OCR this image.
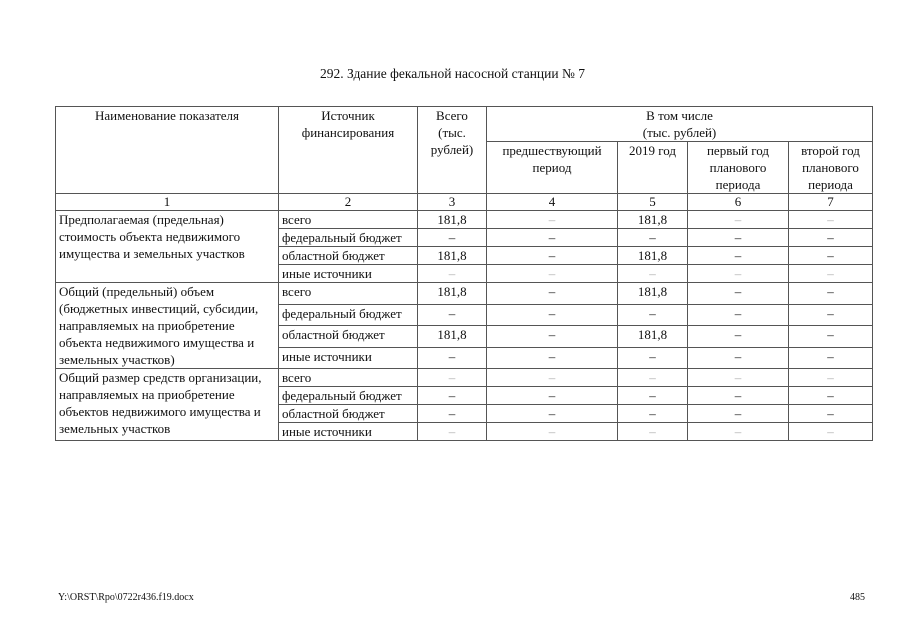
292. Здание фекальной насосной станции № 7
Наименование показателя	Источник финансирования	Всего (тыс. рублей)	В том числе
(тыс. рублей)			

			предшествующий период	2019 год	первый год планового периода	второй год планового периода
1	2	3	4	5	6	7
Предполагаемая (предельная) стоимость объекта недвижимого имущества и земельных участков	всего	181,8	–	181,8	–	–
	федеральный бюджет	–	–	–	–	–
	областной бюджет	181,8	–	181,8	–	–
	иные источники	–	–	–	–	–
Общий (предельный) объем (бюджетных инвестиций, субсидии, направляемых на приобретение объекта недвижимого имущества и земельных участков)	всего	181,8	–	181,8	–	–
	федеральный бюджет	–	–	–	–	–
	областной бюджет	181,8	–	181,8	–	–
	иные источники	–	–	–	–	–
Общий размер средств организации, направляемых на приобретение объектов недвижимого имущества и земельных участков	всего	–	–	–	–	–
	федеральный бюджет	–	–	–	–	–
	областной бюджет	–	–	–	–	–
	иные источники	–	–	–	–	–
Y:\ORST\Rpo\0722r436.f19.docx	485
